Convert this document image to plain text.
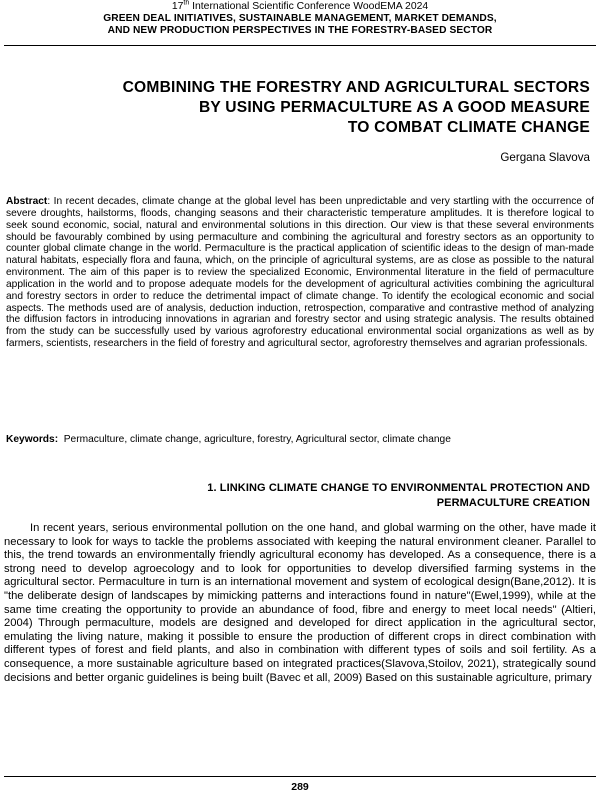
17th International Scientific Conference WoodEMA 2024
GREEN DEAL INITIATIVES, SUSTAINABLE MANAGEMENT, MARKET DEMANDS,
AND NEW PRODUCTION PERSPECTIVES IN THE FORESTRY-BASED SECTOR
COMBINING THE FORESTRY AND AGRICULTURAL SECTORS
BY USING PERMACULTURE AS A GOOD MEASURE
TO COMBAT CLIMATE CHANGE
Gergana Slavova
Abstract: In recent decades, climate change at the global level has been unpredictable and very startling with the occurrence of severe droughts, hailstorms, floods, changing seasons and their characteristic temperature amplitudes. It is therefore logical to seek sound economic, social, natural and environmental solutions in this direction. Our view is that these several environments should be favourably combined by using permaculture and combining the agricultural and forestry sectors as an opportunity to counter global climate change in the world. Permaculture is the practical application of scientific ideas to the design of man-made natural habitats, especially flora and fauna, which, on the principle of agricultural systems, are as close as possible to the natural environment. The aim of this paper is to review the specialized Economic, Environmental literature in the field of permaculture application in the world and to propose adequate models for the development of agricultural activities combining the agricultural and forestry sectors in order to reduce the detrimental impact of climate change. To identify the ecological economic and social aspects. The methods used are of analysis, deduction induction, retrospection, comparative and contrastive method of analyzing the diffusion factors in introducing innovations in agrarian and forestry sector and using strategic analysis. The results obtained from the study can be successfully used by various agroforestry educational environmental social organizations as well as by farmers, scientists, researchers in the field of forestry and agricultural sector, agroforestry themselves and agrarian professionals.
Keywords:  Permaculture, climate change, agriculture, forestry, Agricultural sector, climate change
1. LINKING CLIMATE CHANGE TO ENVIRONMENTAL PROTECTION AND
PERMACULTURE CREATION

In recent years, serious environmental pollution on the one hand, and global warming on the other, have made it necessary to look for ways to tackle the problems associated with keeping the natural environment cleaner. Parallel to this, the trend towards an environmentally friendly agricultural economy has developed. As a consequence, there is a strong need to develop agroecology and to look for opportunities to develop diversified farming systems in the agricultural sector. Permaculture in turn is an international movement and system of ecological design(Bane,2012). It is "the deliberate design of landscapes by mimicking patterns and interactions found in nature"(Ewel,1999), while at the same time creating the opportunity to provide an abundance of food, fibre and energy to meet local needs" (Altieri, 2004) Through permaculture, models are designed and developed for direct application in the agricultural sector, emulating the living nature, making it possible to ensure the production of different crops in direct combination with different types of forest and field plants, and also in combination with different types of soils and soil fertility. As a consequence, a more sustainable agriculture based on integrated practices(Slavova,Stoilov, 2021), strategically sound decisions and better organic guidelines is being built (Bavec et all, 2009) Based on this sustainable agriculture, primary

289
